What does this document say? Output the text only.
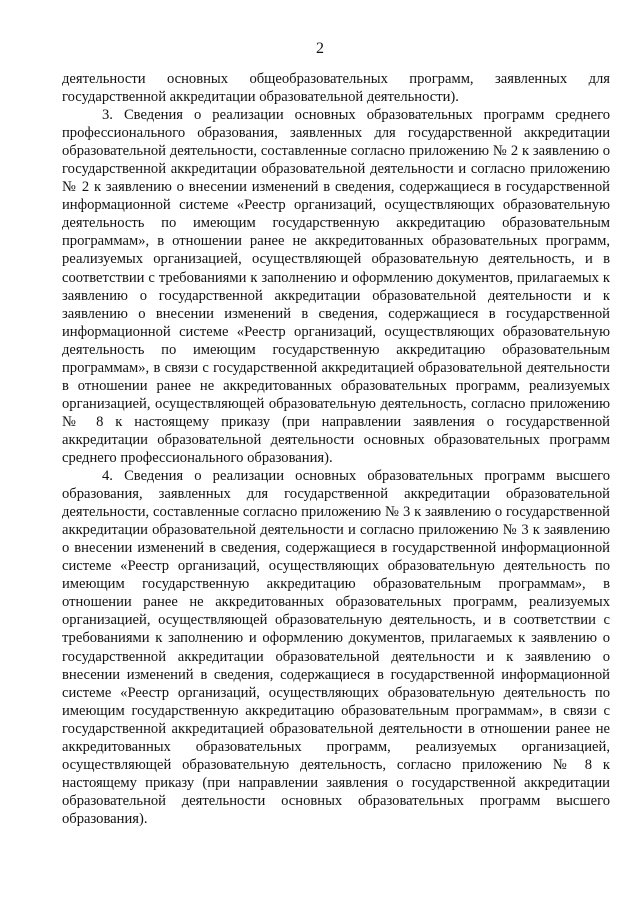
2

деятельности основных общеобразовательных программ, заявленных для государственной аккредитации образовательной деятельности).

3. Сведения о реализации основных образовательных программ среднего профессионального образования, заявленных для государственной аккредитации образовательной деятельности, составленные согласно приложению № 2 к заявлению о государственной аккредитации образовательной деятельности и согласно приложению № 2 к заявлению о внесении изменений в сведения, содержащиеся в государственной информационной системе «Реестр организаций, осуществляющих образовательную деятельность по имеющим государственную аккредитацию образовательным программам», в отношении ранее не аккредитованных образовательных программ, реализуемых организацией, осуществляющей образовательную деятельность, и в соответствии с требованиями к заполнению и оформлению документов, прилагаемых к заявлению о государственной аккредитации образовательной деятельности и к заявлению о внесении изменений в сведения, содержащиеся в государственной информационной системе «Реестр организаций, осуществляющих образовательную деятельность по имеющим государственную аккредитацию образовательным программам», в связи с государственной аккредитацией образовательной деятельности в отношении ранее не аккредитованных образовательных программ, реализуемых организацией, осуществляющей образовательную деятельность, согласно приложению № 8 к настоящему приказу (при направлении заявления о государственной аккредитации образовательной деятельности основных образовательных программ среднего профессионального образования).

4. Сведения о реализации основных образовательных программ высшего образования, заявленных для государственной аккредитации образовательной деятельности, составленные согласно приложению № 3 к заявлению о государственной аккредитации образовательной деятельности и согласно приложению № 3 к заявлению о внесении изменений в сведения, содержащиеся в государственной информационной системе «Реестр организаций, осуществляющих образовательную деятельность по имеющим государственную аккредитацию образовательным программам», в отношении ранее не аккредитованных образовательных программ, реализуемых организацией, осуществляющей образовательную деятельность, и в соответствии с требованиями к заполнению и оформлению документов, прилагаемых к заявлению о государственной аккредитации образовательной деятельности и к заявлению о внесении изменений в сведения, содержащиеся в государственной информационной системе «Реестр организаций, осуществляющих образовательную деятельность по имеющим государственную аккредитацию образовательным программам», в связи с государственной аккредитацией образовательной деятельности в отношении ранее не аккредитованных образовательных программ, реализуемых организацией, осуществляющей образовательную деятельность, согласно приложению № 8 к настоящему приказу (при направлении заявления о государственной аккредитации образовательной деятельности основных образовательных программ высшего образования).
